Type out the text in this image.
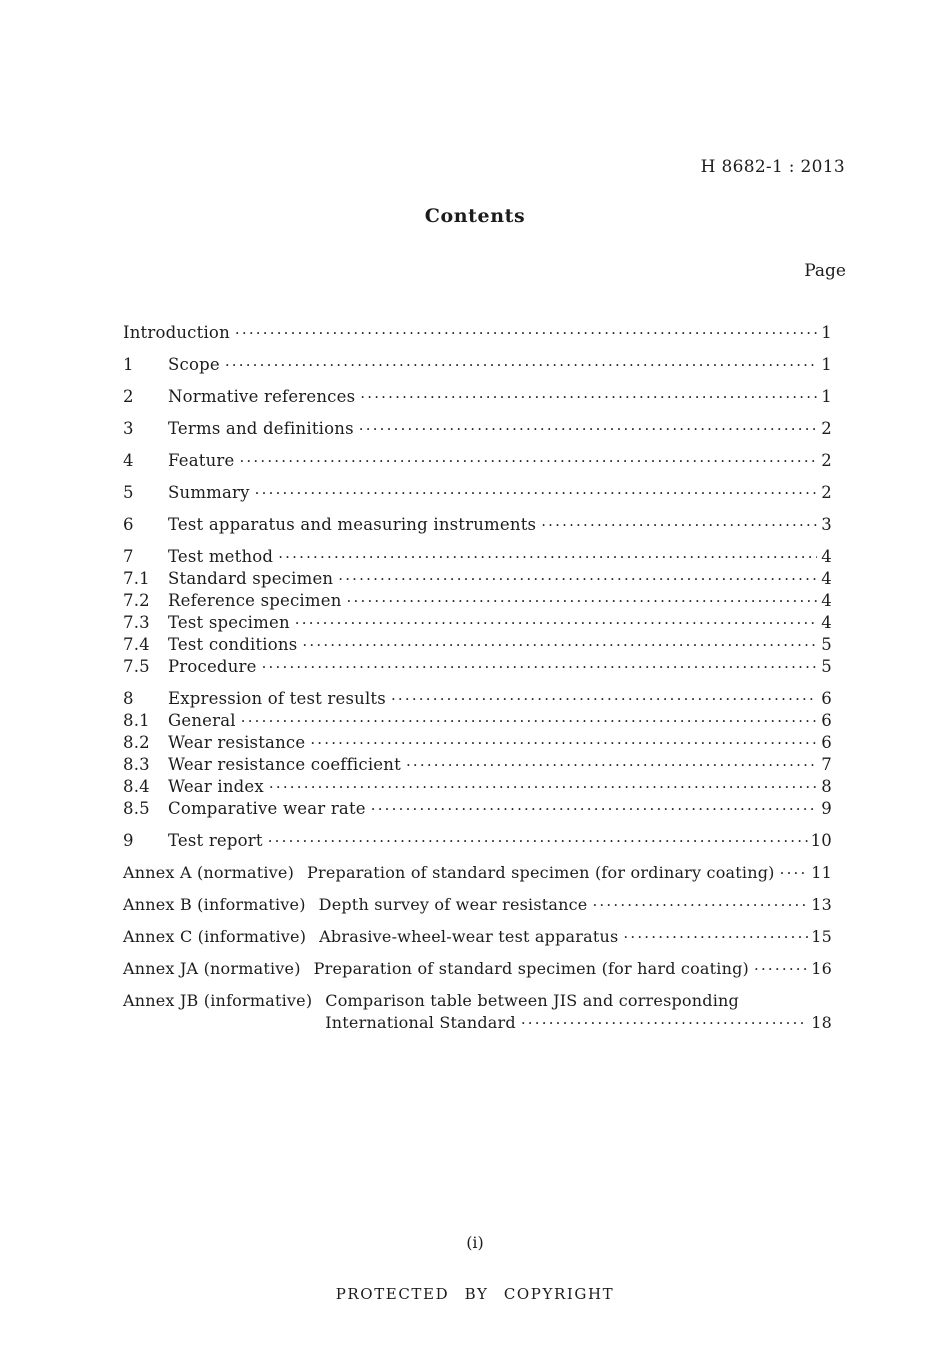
H 8682-1 : 2013
Contents
Page
Introduction ·····	1
1	Scope ·····	1
2	Normative references ·····	1
3	Terms and definitions ·····	2
4	Feature ·····	2
5	Summary ·····	2
6	Test apparatus and measuring instruments ·····	3
7	Test method ·····	4
7.1	Standard specimen ·····	4
7.2	Reference specimen ·····	4
7.3	Test specimen ·····	4
7.4	Test conditions ·····	5
7.5	Procedure ·····	5
8	Expression of test results ·····	6
8.1	General ·····	6
8.2	Wear resistance ·····	6
8.3	Wear resistance coefficient ·····	7
8.4	Wear index ·····	8
8.5	Comparative wear rate ·····	9
9	Test report ·····	10
Annex A (normative) Preparation of standard specimen (for ordinary coating) ····· 11
Annex B (informative) Depth survey of wear resistance ·····	13
Annex C (informative) Abrasive-wheel-wear test apparatus ·····	15
Annex JA (normative) Preparation of standard specimen (for hard coating) ·····	16
Annex JB (informative) Comparison table between JIS and corresponding
International Standard ·····	18
(i)
PROTECTED BY COPYRIGHT
